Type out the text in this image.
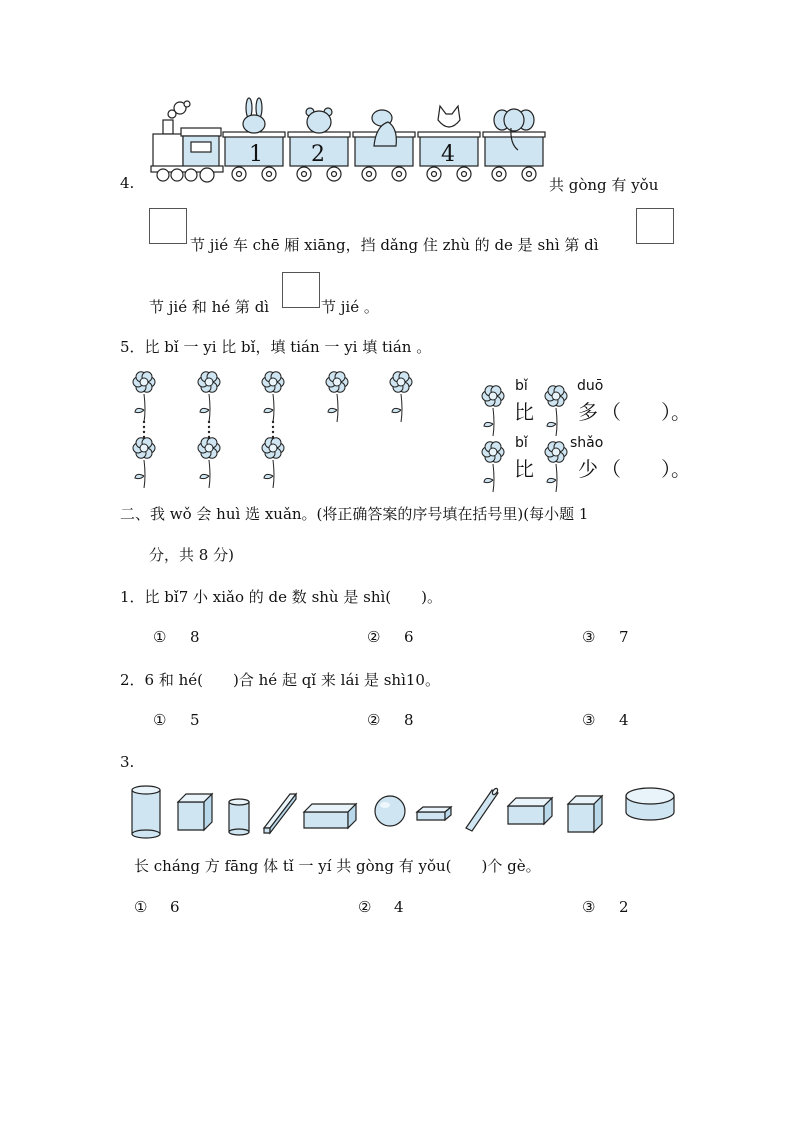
4.
1 2	4
共 gòng 有 yǒu
节 jié 车 chē 厢 xiāng，挡 dǎng 住 zhù 的 de 是 shì 第 dì
节 jié 和 hé 第 dì	节 jié 。
5．比 bǐ 一 yi 比 bǐ，填 tián 一 yi 填 tián 。
bǐ
比
duō
多 （　　）。
bǐ
比
shǎo
少 （　　）。
二、我 wǒ 会 huì 选 xuǎn。(将正确答案的序号填在括号里)(每小题 1
分，共 8 分)
1．比 bǐ7 小 xiǎo 的 de 数 shù 是 shì(　　)。
① 8	② 6	③ 7
2．6 和 hé(　　)合 hé 起 qǐ 来 lái 是 shì10。
① 5	② 8	③ 4
3.
长 cháng 方 fāng 体 tǐ 一 yí 共 gòng 有 yǒu(　　)个 gè。
① 6	② 4	③ 2
